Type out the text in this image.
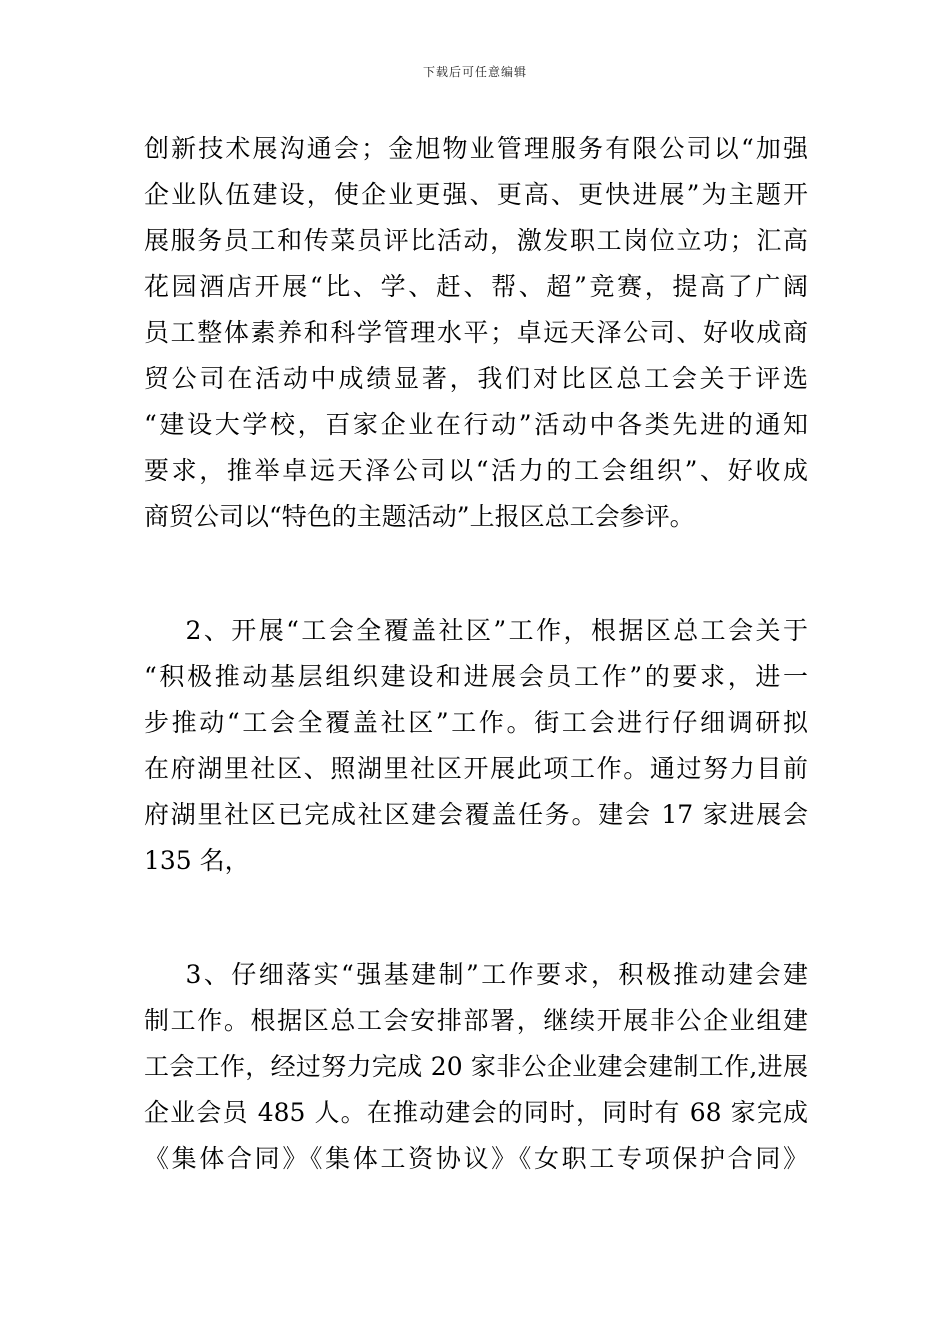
下载后可任意编辑
创新技术展沟通会；金旭物业管理服务有限公司以“加强
企业队伍建设，使企业更强、更高、更快进展”为主题开
展服务员工和传菜员评比活动，激发职工岗位立功；汇高
花园酒店开展“比、学、赶、帮、超”竞赛，提高了广阔
员工整体素养和科学管理水平；卓远天泽公司、好收成商
贸公司在活动中成绩显著，我们对比区总工会关于评选
“建设大学校，百家企业在行动”活动中各类先进的通知
要求，推举卓远天泽公司以“活力的工会组织”、好收成
商贸公司以“特色的主题活动”上报区总工会参评。
2、开展“工会全覆盖社区”工作，根据区总工会关于
“积极推动基层组织建设和进展会员工作”的要求，进一
步推动“工会全覆盖社区”工作。街工会进行仔细调研拟
在府湖里社区、照湖里社区开展此项工作。通过努力目前
府湖里社区已完成社区建会覆盖任务。建会 17 家进展会
135 名，
3、仔细落实“强基建制”工作要求，积极推动建会建
制工作。根据区总工会安排部署，继续开展非公企业组建
工会工作，经过努力完成 20 家非公企业建会建制工作,进展
企业会员 485 人。在推动建会的同时，同时有 68 家完成
《集体合同》《集体工资协议》《女职工专项保护合同》
